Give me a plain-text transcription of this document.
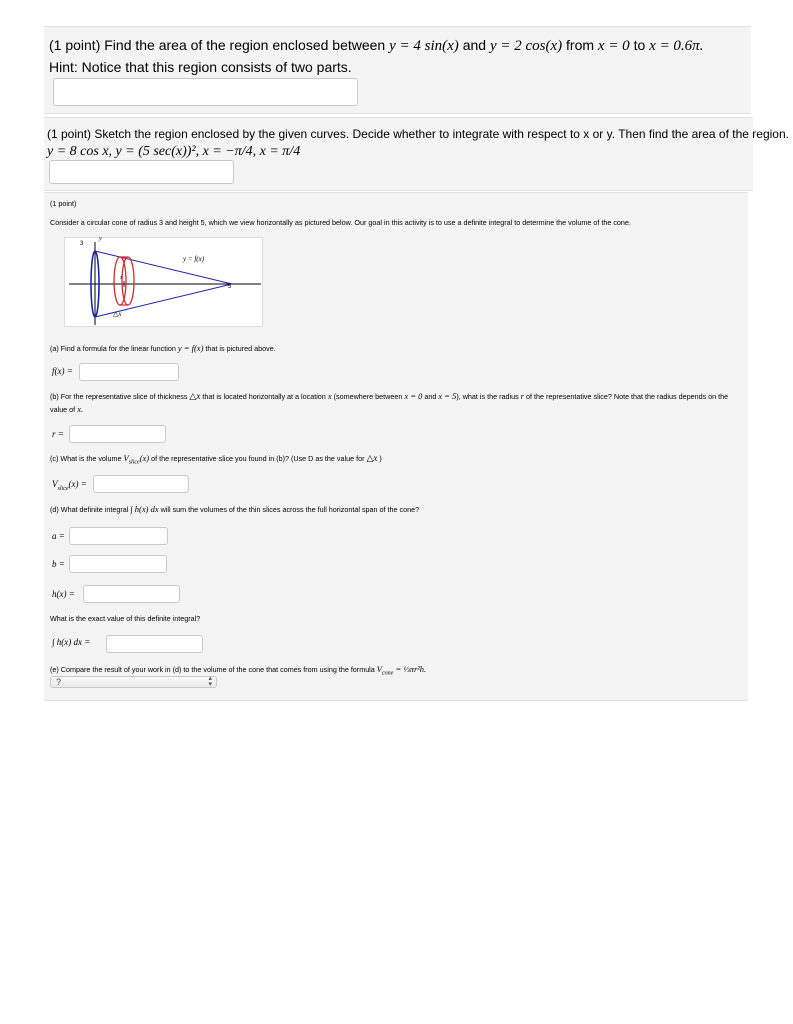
(1 point) Find the area of the region enclosed between y = 4 sin(x) and y = 2 cos(x) from x = 0 to x = 0.6π.
Hint: Notice that this region consists of two parts.
(1 point) Sketch the region enclosed by the given curves. Decide whether to integrate with respect to x or y. Then find the area of the region.
y = 8 cos x, y = (5 sec(x))², x = −π/4, x = π/4
(1 point)
Consider a circular cone of radius 3 and height 5, which we view horizontally as pictured below. Our goal in this activity is to use a definite integral to determine the volume of the cone.
y = f(x)
y
x
3
5
△x
(a) Find a formula for the linear function y = f(x) that is pictured above.
f(x) =
(b) For the representative slice of thickness △x that is located horizontally at a location x (somewhere between x = 0 and x = 5), what is the radius r of the representative slice? Note that the radius depends on the value of x.
r =
(c) What is the volume $V_{slice}(x)$ of the representative slice you found in (b)? (Use D as the value for △x )
$V_{slice}(x)$ =
(d) What definite integral ∫ h(x) dx will sum the volumes of the thin slices across the full horizontal span of the cone?
a =
b =
h(x) =
What is the exact value of this definite integral?
∫ h(x) dx =
(e) Compare the result of your work in (d) to the volume of the cone that comes from using the formula $V_{cone}$ = ⅓πr²h.
?	▴
▾
